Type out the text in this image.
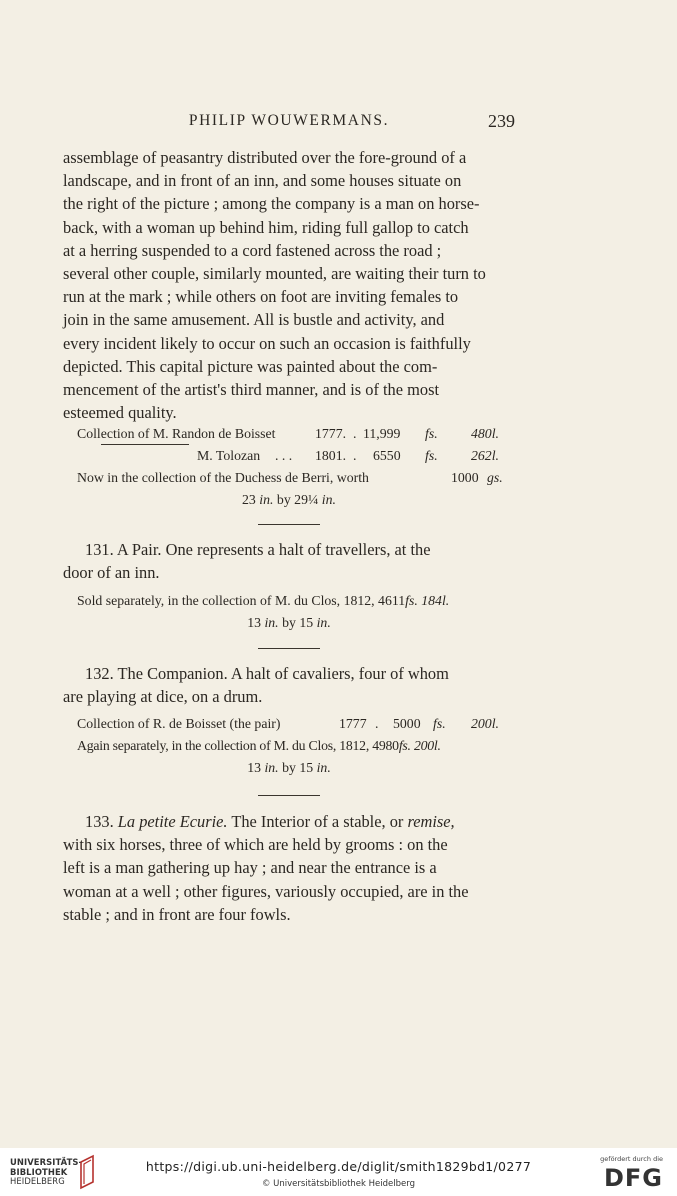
PHILIP WOUWERMANS.	239
assemblage of peasantry distributed over the fore-ground of a
landscape, and in front of an inn, and some houses situate on
the right of the picture ; among the company is a man on horse-
back, with a woman up behind him, riding full gallop to catch
at a herring suspended to a cord fastened across the road ;
several other couple, similarly mounted, are waiting their turn to
run at the mark ; while others on foot are inviting females to
join in the same amusement. All is bustle and activity, and
every incident likely to occur on such an occasion is faithfully
depicted. This capital picture was painted about the com-
mencement of the artist's third manner, and is of the most
esteemed quality.
Collection of M. Randon de Boisset	1777. . 11,999 fs. 480l.
M. Tolozan . . . 1801. . 6550 fs. 262l.
Now in the collection of the Duchess de Berri, worth	1000 gs.
23 in. by 29¼ in.
131. A Pair. One represents a halt of travellers, at the
door of an inn.
Sold separately, in the collection of M. du Clos, 1812, 4611fs. 184l.
13 in. by 15 in.
132. The Companion. A halt of cavaliers, four of whom
are playing at dice, on a drum.
Collection of R. de Boisset (the pair)	1777 . 5000 fs. 200l.
Again separately, in the collection of M. du Clos, 1812, 4980fs. 200l.
13 in. by 15 in.
133. La petite Ecurie. The Interior of a stable, or remise,
with six horses, three of which are held by grooms : on the
left is a man gathering up hay ; and near the entrance is a
woman at a well ; other figures, variously occupied, are in the
stable ; and in front are four fowls.
UNIVERSITÄTS-
BIBLIOTHEK
HEIDELBERG
https://digi.ub.uni-heidelberg.de/diglit/smith1829bd1/0277
© Universitätsbibliothek Heidelberg
gefördert durch die
DFG
